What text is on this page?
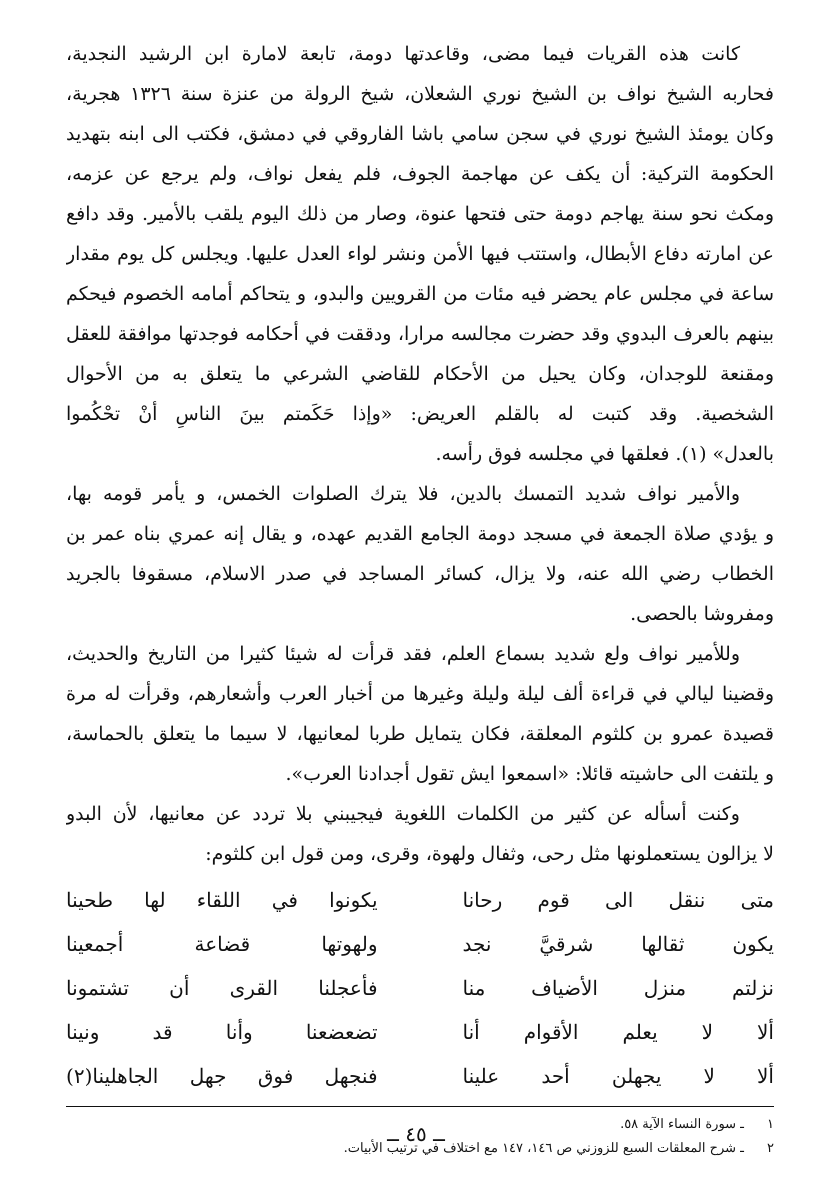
كانت هذه القريات فيما مضى، وقاعدتها دومة، تابعة لامارة ابن الرشيد النجدية،
فحاربه الشيخ نواف بن الشيخ نوري الشعلان، شيخ الرولة من عنزة سنة ١٣٢٦ هجرية،
وكان يومئذ الشيخ نوري في سجن سامي باشا الفاروقي في دمشق، فكتب الى ابنه بتهديد
الحكومة التركية: أن يكف عن مهاجمة الجوف، فلم يفعل نواف، ولم يرجع عن عزمه،
ومكث نحو سنة يهاجم دومة حتى فتحها عنوة، وصار من ذلك اليوم يلقب بالأمير. وقد دافع
عن امارته دفاع الأبطال، واستتب فيها الأمن ونشر لواء العدل عليها. ويجلس كل يوم مقدار
ساعة في مجلس عام يحضر فيه مئات من القرويين والبدو، و يتحاكم أمامه الخصوم فيحكم
بينهم بالعرف البدوي وقد حضرت مجالسه مرارا، ودققت في أحكامه فوجدتها موافقة للعقل
ومقنعة للوجدان، وكان يحيل من الأحكام للقاضي الشرعي ما يتعلق به من الأحوال
الشخصية. وقد كتبت له بالقلم العريض: «وإذا حَكَمتم بينَ الناسِ أنْ تحْكُموا
بالعدل» (١). فعلقها في مجلسه فوق رأسه.
والأمير نواف شديد التمسك بالدين، فلا يترك الصلوات الخمس، و يأمر قومه بها،
و يؤدي صلاة الجمعة في مسجد دومة الجامع القديم عهده، و يقال إنه عمري بناه عمر بن
الخطاب رضي الله عنه، ولا يزال، كسائر المساجد في صدر الاسلام، مسقوفا بالجريد
ومفروشا بالحصى.
وللأمير نواف ولع شديد بسماع العلم، فقد قرأت له شيئا كثيرا من التاريخ والحديث،
وقضينا ليالي في قراءة ألف ليلة وليلة وغيرها من أخبار العرب وأشعارهم، وقرأت له مرة
قصيدة عمرو بن كلثوم المعلقة، فكان يتمايل طربا لمعانيها، لا سيما ما يتعلق بالحماسة،
و يلتفت الى حاشيته قائلا: «اسمعوا ايش تقول أجدادنا العرب».
وكنت أسأله عن كثير من الكلمات اللغوية فيجيبني بلا تردد عن معانيها، لأن البدو
لا يزالون يستعملونها مثل رحى، وثفال ولهوة، وقرى، ومن قول ابن كلثوم:
متى ننقل الى قوم رحانا
يكونوا في اللقاء لها طحينا
يكون ثقالها شرقيَّ نجد
ولهوتها قضاعة أجمعينا
نزلتم منزل الأضياف منا
فأعجلنا القرى أن تشتمونا
ألا لا يعلم الأقوام أنا
تضعضعنا وأنا قد ونينا
ألا لا يجهلن أحد علينا
فنجهل فوق جهل الجاهلينا(٢)
١ـ سورة النساء الآية ٥٨.
٢ـ شرح المعلقات السبع للزوزني ص ١٤٦، ١٤٧ مع اختلاف في ترتيب الأبيات.
ــ ٤٥ ــ
